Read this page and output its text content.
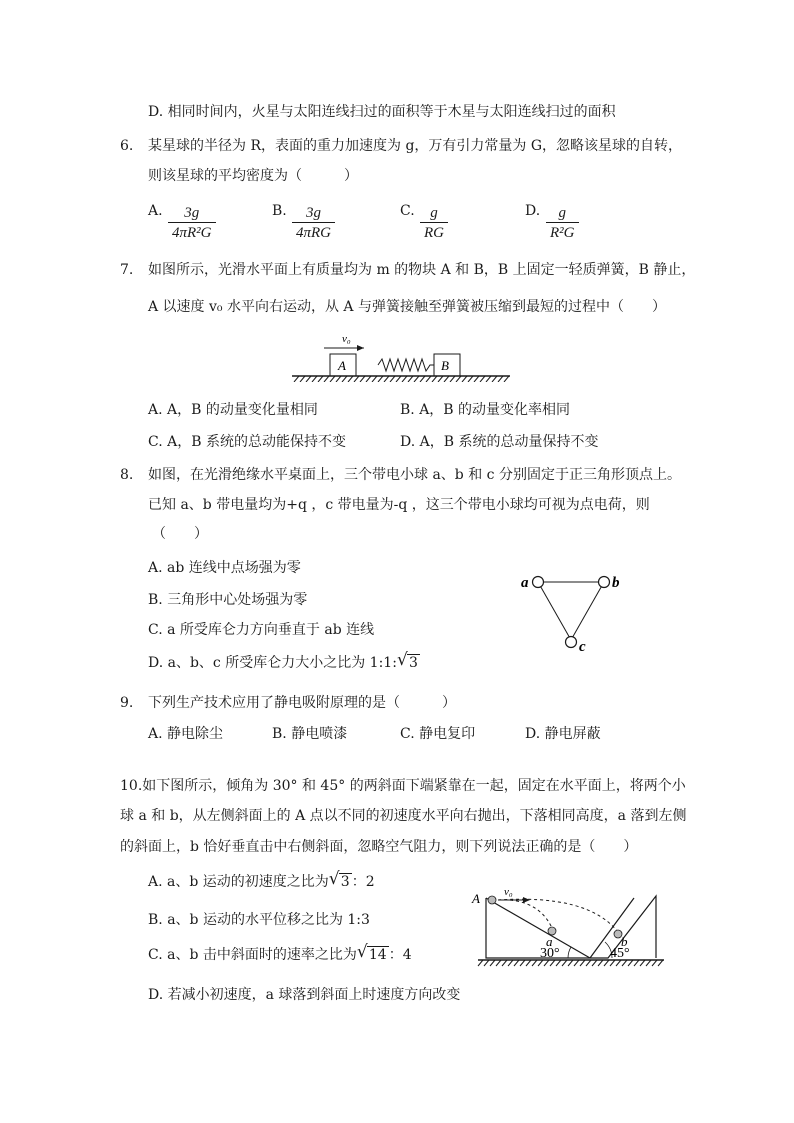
D. 相同时间内，火星与太阳连线扫过的面积等于木星与太阳连线扫过的面积
6. 某星球的半径为 R，表面的重力加速度为 g，万有引力常量为 G，忽略该星球的自转，
则该星球的平均密度为（　　　）
A. $\frac{3g}{\text{4πR²G}}$	B.	3g
4πRG
C. $\frac{g}{RG}$	D. $\frac{g}{\text{R²G}}$
7. 如图所示，光滑水平面上有质量均为 m 的物块 A 和 B，B 上固定一轻质弹簧，B 静止，
A 以速度 v₀ 水平向右运动，从 A 与弹簧接触至弹簧被压缩到最短的过程中（　　）
v₀
A	B
A. A，B 的动量变化量相同	B. A，B 的动量变化率相同
C. A，B 系统的总动能保持不变	D. A，B 系统的总动量保持不变
8. 如图，在光滑绝缘水平桌面上，三个带电小球 a、b 和 c 分别固定于正三角形顶点上。
已知 a、b 带电量均为+q ，c 带电量为-q ，这三个带电小球均可视为点电荷，则
（　　）
A. ab 连线中点场强为零
B. 三角形中心处场强为零
C. a 所受库仑力方向垂直于 ab 连线
D. a、b、c 所受库仑力大小之比为 1:1: √ 3
a	b
c
9. 下列生产技术应用了静电吸附原理的是（　　　）
A. 静电除尘	B. 静电喷漆	C. 静电复印	D. 静电屏蔽
10.如下图所示，倾角为 30° 和 45° 的两斜面下端紧靠在一起，固定在水平面上，将两个小
球 a 和 b，从左侧斜面上的 A 点以不同的初速度水平向右抛出，下落相同高度，a 落到左侧
的斜面上，b 恰好垂直击中右侧斜面，忽略空气阻力，则下列说法正确的是（　　）
A. a、b 运动的初速度之比为 √ 3 ：2
B. a、b 运动的水平位移之比为 1:3
C. a、b 击中斜面时的速率之比为 √ 14 ：4
D. 若减小初速度，a 球落到斜面上时速度方向改变
v₀
A
a	b
30°	45°
